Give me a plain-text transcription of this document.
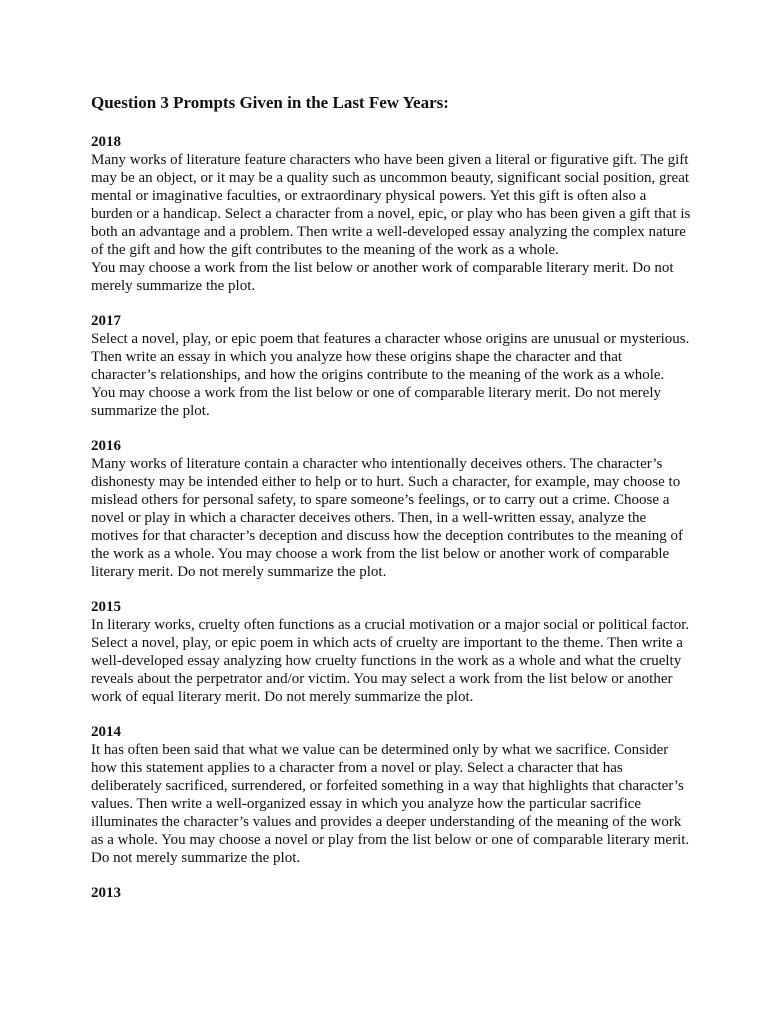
Question 3 Prompts Given in the Last Few Years:
2018

Many works of literature feature characters who have been given a literal or figurative gift. The gift may be an object, or it may be a quality such as uncommon beauty, significant social position, great mental or imaginative faculties, or extraordinary physical powers. Yet this gift is often also a burden or a handicap. Select a character from a novel, epic, or play who has been given a gift that is both an advantage and a problem. Then write a well-developed essay analyzing the complex nature of the gift and how the gift contributes to the meaning of the work as a whole.

You may choose a work from the list below or another work of comparable literary merit. Do not merely summarize the plot.

2017

Select a novel, play, or epic poem that features a character whose origins are unusual or mysterious. Then write an essay in which you analyze how these origins shape the character and that character’s relationships, and how the origins contribute to the meaning of the work as a whole. You may choose a work from the list below or one of comparable literary merit. Do not merely summarize the plot.

2016

Many works of literature contain a character who intentionally deceives others. The character’s dishonesty may be intended either to help or to hurt. Such a character, for example, may choose to mislead others for personal safety, to spare someone’s feelings, or to carry out a crime. Choose a novel or play in which a character deceives others. Then, in a well-written essay, analyze the motives for that character’s deception and discuss how the deception contributes to the meaning of the work as a whole. You may choose a work from the list below or another work of comparable literary merit. Do not merely summarize the plot.

2015

In literary works, cruelty often functions as a crucial motivation or a major social or political factor. Select a novel, play, or epic poem in which acts of cruelty are important to the theme. Then write a well-developed essay analyzing how cruelty functions in the work as a whole and what the cruelty reveals about the perpetrator and/or victim. You may select a work from the list below or another work of equal literary merit. Do not merely summarize the plot.

2014

It has often been said that what we value can be determined only by what we sacrifice. Consider how this statement applies to a character from a novel or play. Select a character that has deliberately sacrificed, surrendered, or forfeited something in a way that highlights that character’s values. Then write a well-organized essay in which you analyze how the particular sacrifice illuminates the character’s values and provides a deeper understanding of the meaning of the work as a whole. You may choose a novel or play from the list below or one of comparable literary merit. Do not merely summarize the plot.

2013
